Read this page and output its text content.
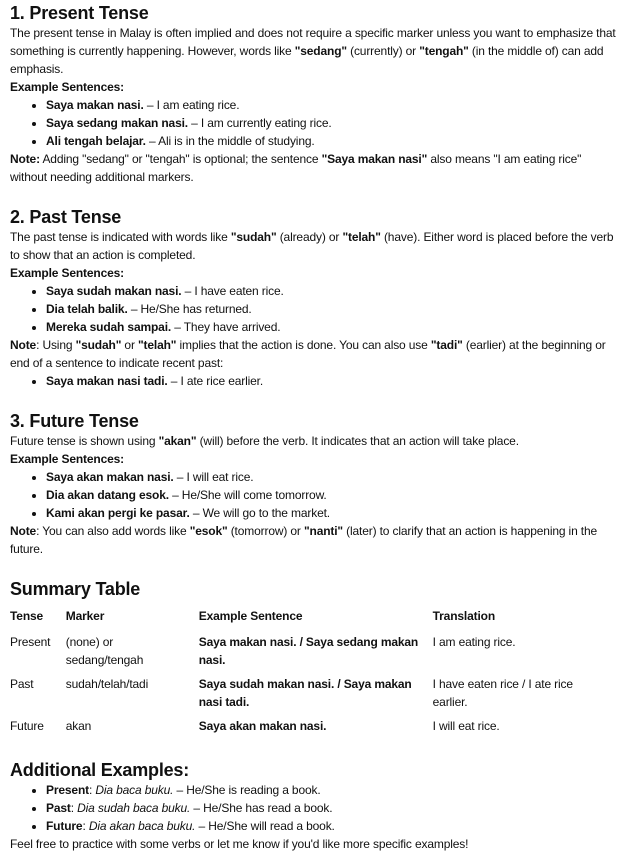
1. Present Tense

The present tense in Malay is often implied and does not require a specific marker unless you want to emphasize that something is currently happening. However, words like "sedang" (currently) or "tengah" (in the middle of) can add emphasis.

Example Sentences:

• Saya makan nasi. – I am eating rice.
• Saya sedang makan nasi. – I am currently eating rice.
• Ali tengah belajar. – Ali is in the middle of studying.

Note: Adding "sedang" or "tengah" is optional; the sentence "Saya makan nasi" also means "I am eating rice" without needing additional markers.

2. Past Tense

The past tense is indicated with words like "sudah" (already) or "telah" (have). Either word is placed before the verb to show that an action is completed.

Example Sentences:

• Saya sudah makan nasi. – I have eaten rice.
• Dia telah balik. – He/She has returned.
• Mereka sudah sampai. – They have arrived.

Note: Using "sudah" or "telah" implies that the action is done. You can also use "tadi" (earlier) at the beginning or end of a sentence to indicate recent past:

• Saya makan nasi tadi. – I ate rice earlier.
3. Future Tense

Future tense is shown using "akan" (will) before the verb. It indicates that an action will take place.

Example Sentences:

• Saya akan makan nasi. – I will eat rice.
• Dia akan datang esok. – He/She will come tomorrow.
• Kami akan pergi ke pasar. – We will go to the market.

Note: You can also add words like "esok" (tomorrow) or "nanti" (later) to clarify that an action is happening in the future.

Summary Table
Tense	Marker	Example Sentence	Translation
Present	(none) or sedang/tengah	Saya makan nasi. / Saya sedang makan nasi.	I am eating rice.
Past	sudah/telah/tadi	Saya sudah makan nasi. / Saya makan nasi tadi.	I have eaten rice / I ate rice earlier.
Future	akan	Saya akan makan nasi.	I will eat rice.
Additional Examples:
• Present: Dia baca buku. – He/She is reading a book.
• Past: Dia sudah baca buku. – He/She has read a book.
• Future: Dia akan baca buku. – He/She will read a book.

Feel free to practice with some verbs or let me know if you'd like more specific examples!
